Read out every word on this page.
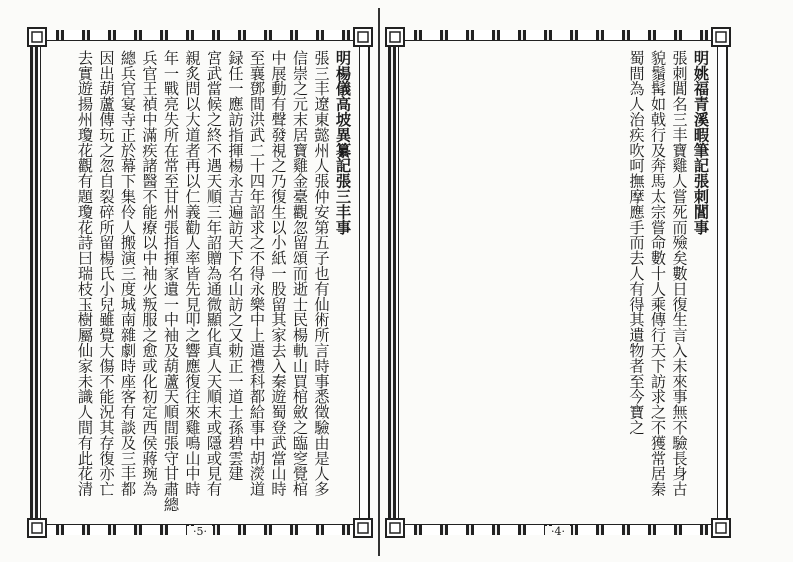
明楊儀高坡異纂記張三丰事
張三丰遼東懿州人張仲安第五子也有仙術所言時事悉徵驗由是人多
信崇之元末居寶雞金臺觀忽留頌而逝士民楊軌山買棺斂之臨窆覺棺
中展動有聲發視之乃復生以小紙一股留其家去入秦遊蜀登武當山時
至襄鄧間洪武二十四年詔求之不得永樂中上遣禮科都給事中胡濙道
録任一應訪指揮楊永吉遍訪天下名山訪之又勅正一道士孫碧雲建
宮武當候之終不遇天順三年詔贈為通微顯化真人天順末或隱或見有
親炙問以大道者再以仁義勸人率皆先見叩之響應復往來雞鳴山中時
年一戰亮失所在常至甘州張指揮家遺一中袖及葫蘆天順間張守甘肅總
兵官王禎中滿疾諸醫不能療以中袖火叛服之愈或化初定西侯蔣琬為
總兵官宴寺正於幕下集伶人搬演三度城南雜劇時座客有談及三丰都
因出葫蘆傳玩之忽自裂碎所留楊氏小兒雖覺大傷不能況其存復亦亡
去實遊揚州瓊花觀有題瓊花詩曰瑞枝玉樹屬仙家未識人間有此花清
·5·
明姚福青溪暇筆記張刺閶事
張刺閶名三丰寶雞人嘗死而殮矣數日復生言入未來事無不驗長身古
貌鬚髯如戟行及奔馬太宗嘗命數十人乘傳行天下訪求之不獲常居秦
蜀間為人治疾吹呵撫摩應手而去人有得其遺物者至今寶之
·4·
